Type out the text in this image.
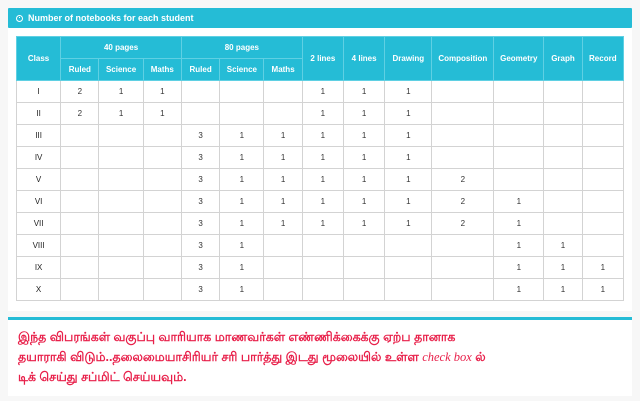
Number of notebooks for each student
Class	40 pages			80 pages			2 lines	4 lines	Drawing	Composition	Geometry	Graph	Record
	Ruled	Science	Maths	Ruled	Science	Maths							
I	2	1	1				1	1	1				
II	2	1	1				1	1	1				
III				3	1	1	1	1	1				
IV				3	1	1	1	1	1				
V				3	1	1	1	1	1	2			
VI				3	1	1	1	1	1	2	1		
VII				3	1	1	1	1	1	2	1		
VIII				3	1						1	1	
IX				3	1						1	1	1
X				3	1						1	1	1

இந்த விபரங்கள் வகுப்பு வாரியாக மாணவர்கள் எண்ணிக்கைக்கு ஏற்ப தானாக

தயாராகி விடும்..தலைமையாசிரியர் சரி பார்த்து இடது மூலையில் உள்ள check box ல்

டிக் செய்து சப்மிட் செய்யவும்.
